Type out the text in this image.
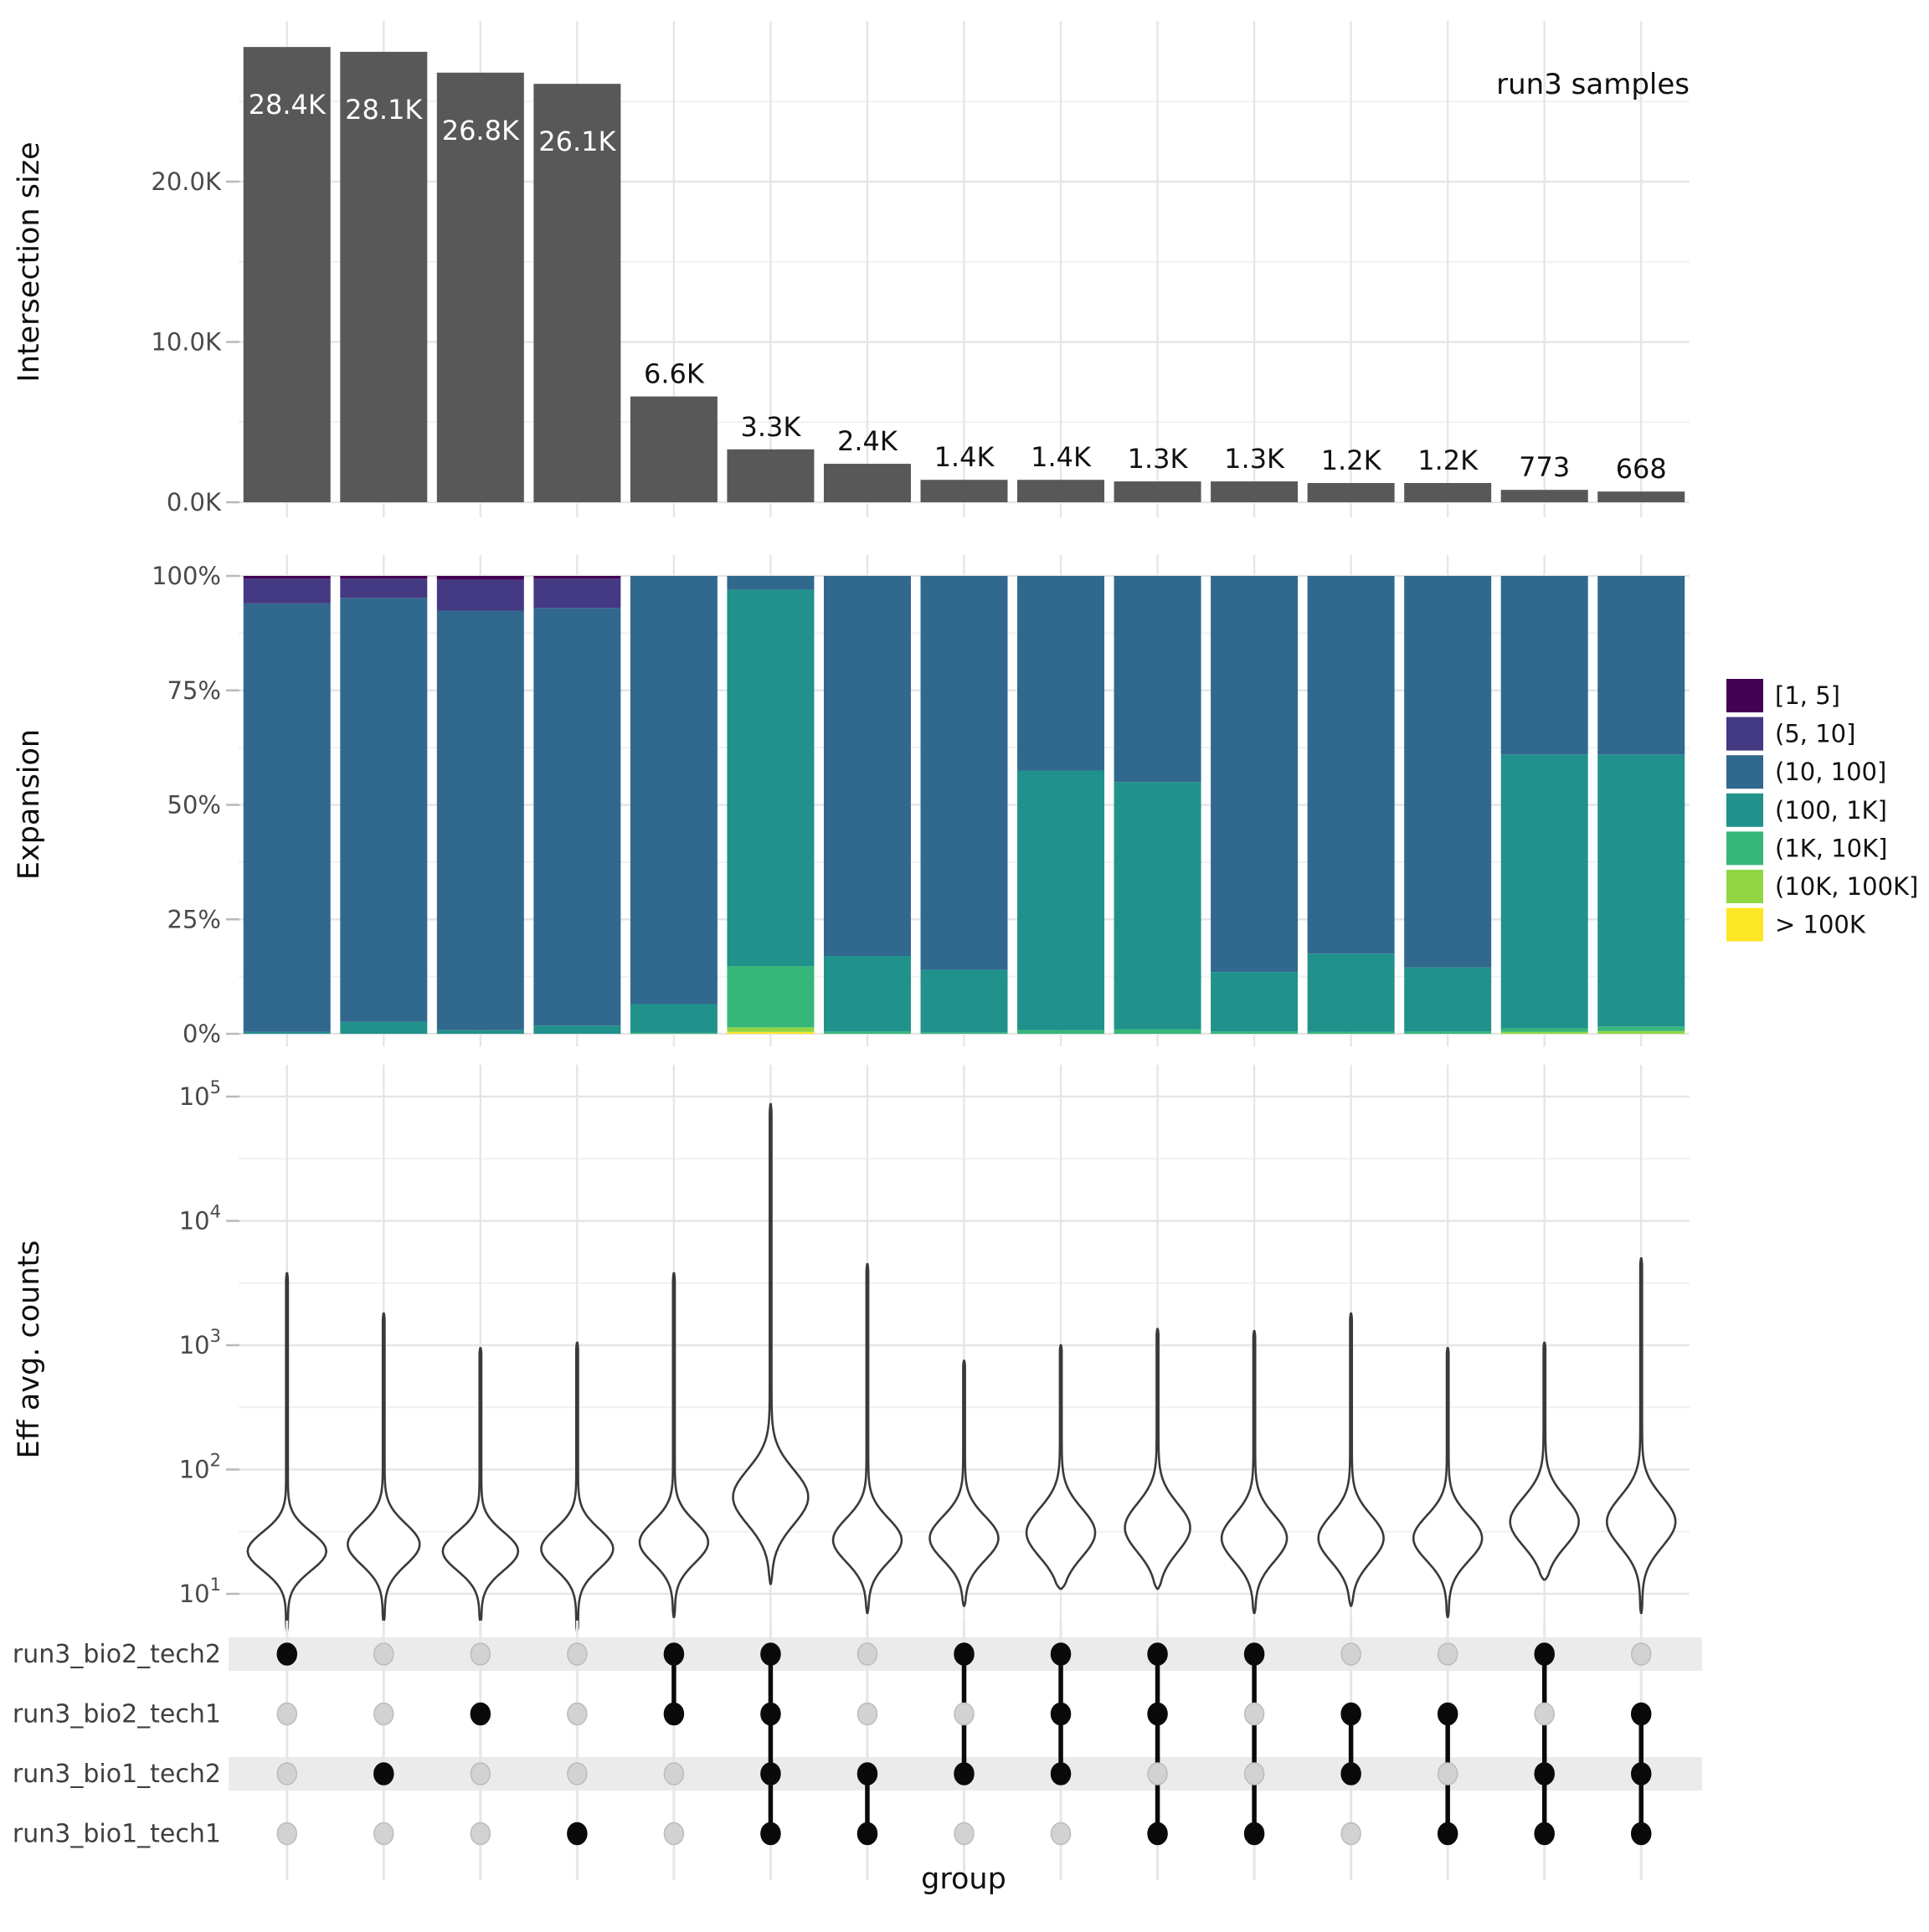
0.0K
10.0K
20.0K
28.4K 28.1K
26.8K 26.1K
6.6K
3.3K 2.4K
1.4K 1.4K 1.3K 1.3K 1.2K 1.2K 773 668
0%
25%
50%
75%
100%
$10^1$
$10^2$
$10^3$
$10^4$
$10^5$
run3_bio2_tech2
run3_bio2_tech1
run3_bio1_tech2
run3_bio1_tech1
[1, 5]
(5, 10]
(10, 100]
(100, 1K]
(1K, 10K]
(10K, 100K]
> 100K
run3 samples
Intersection size
Expansion
Eff avg. counts
group
